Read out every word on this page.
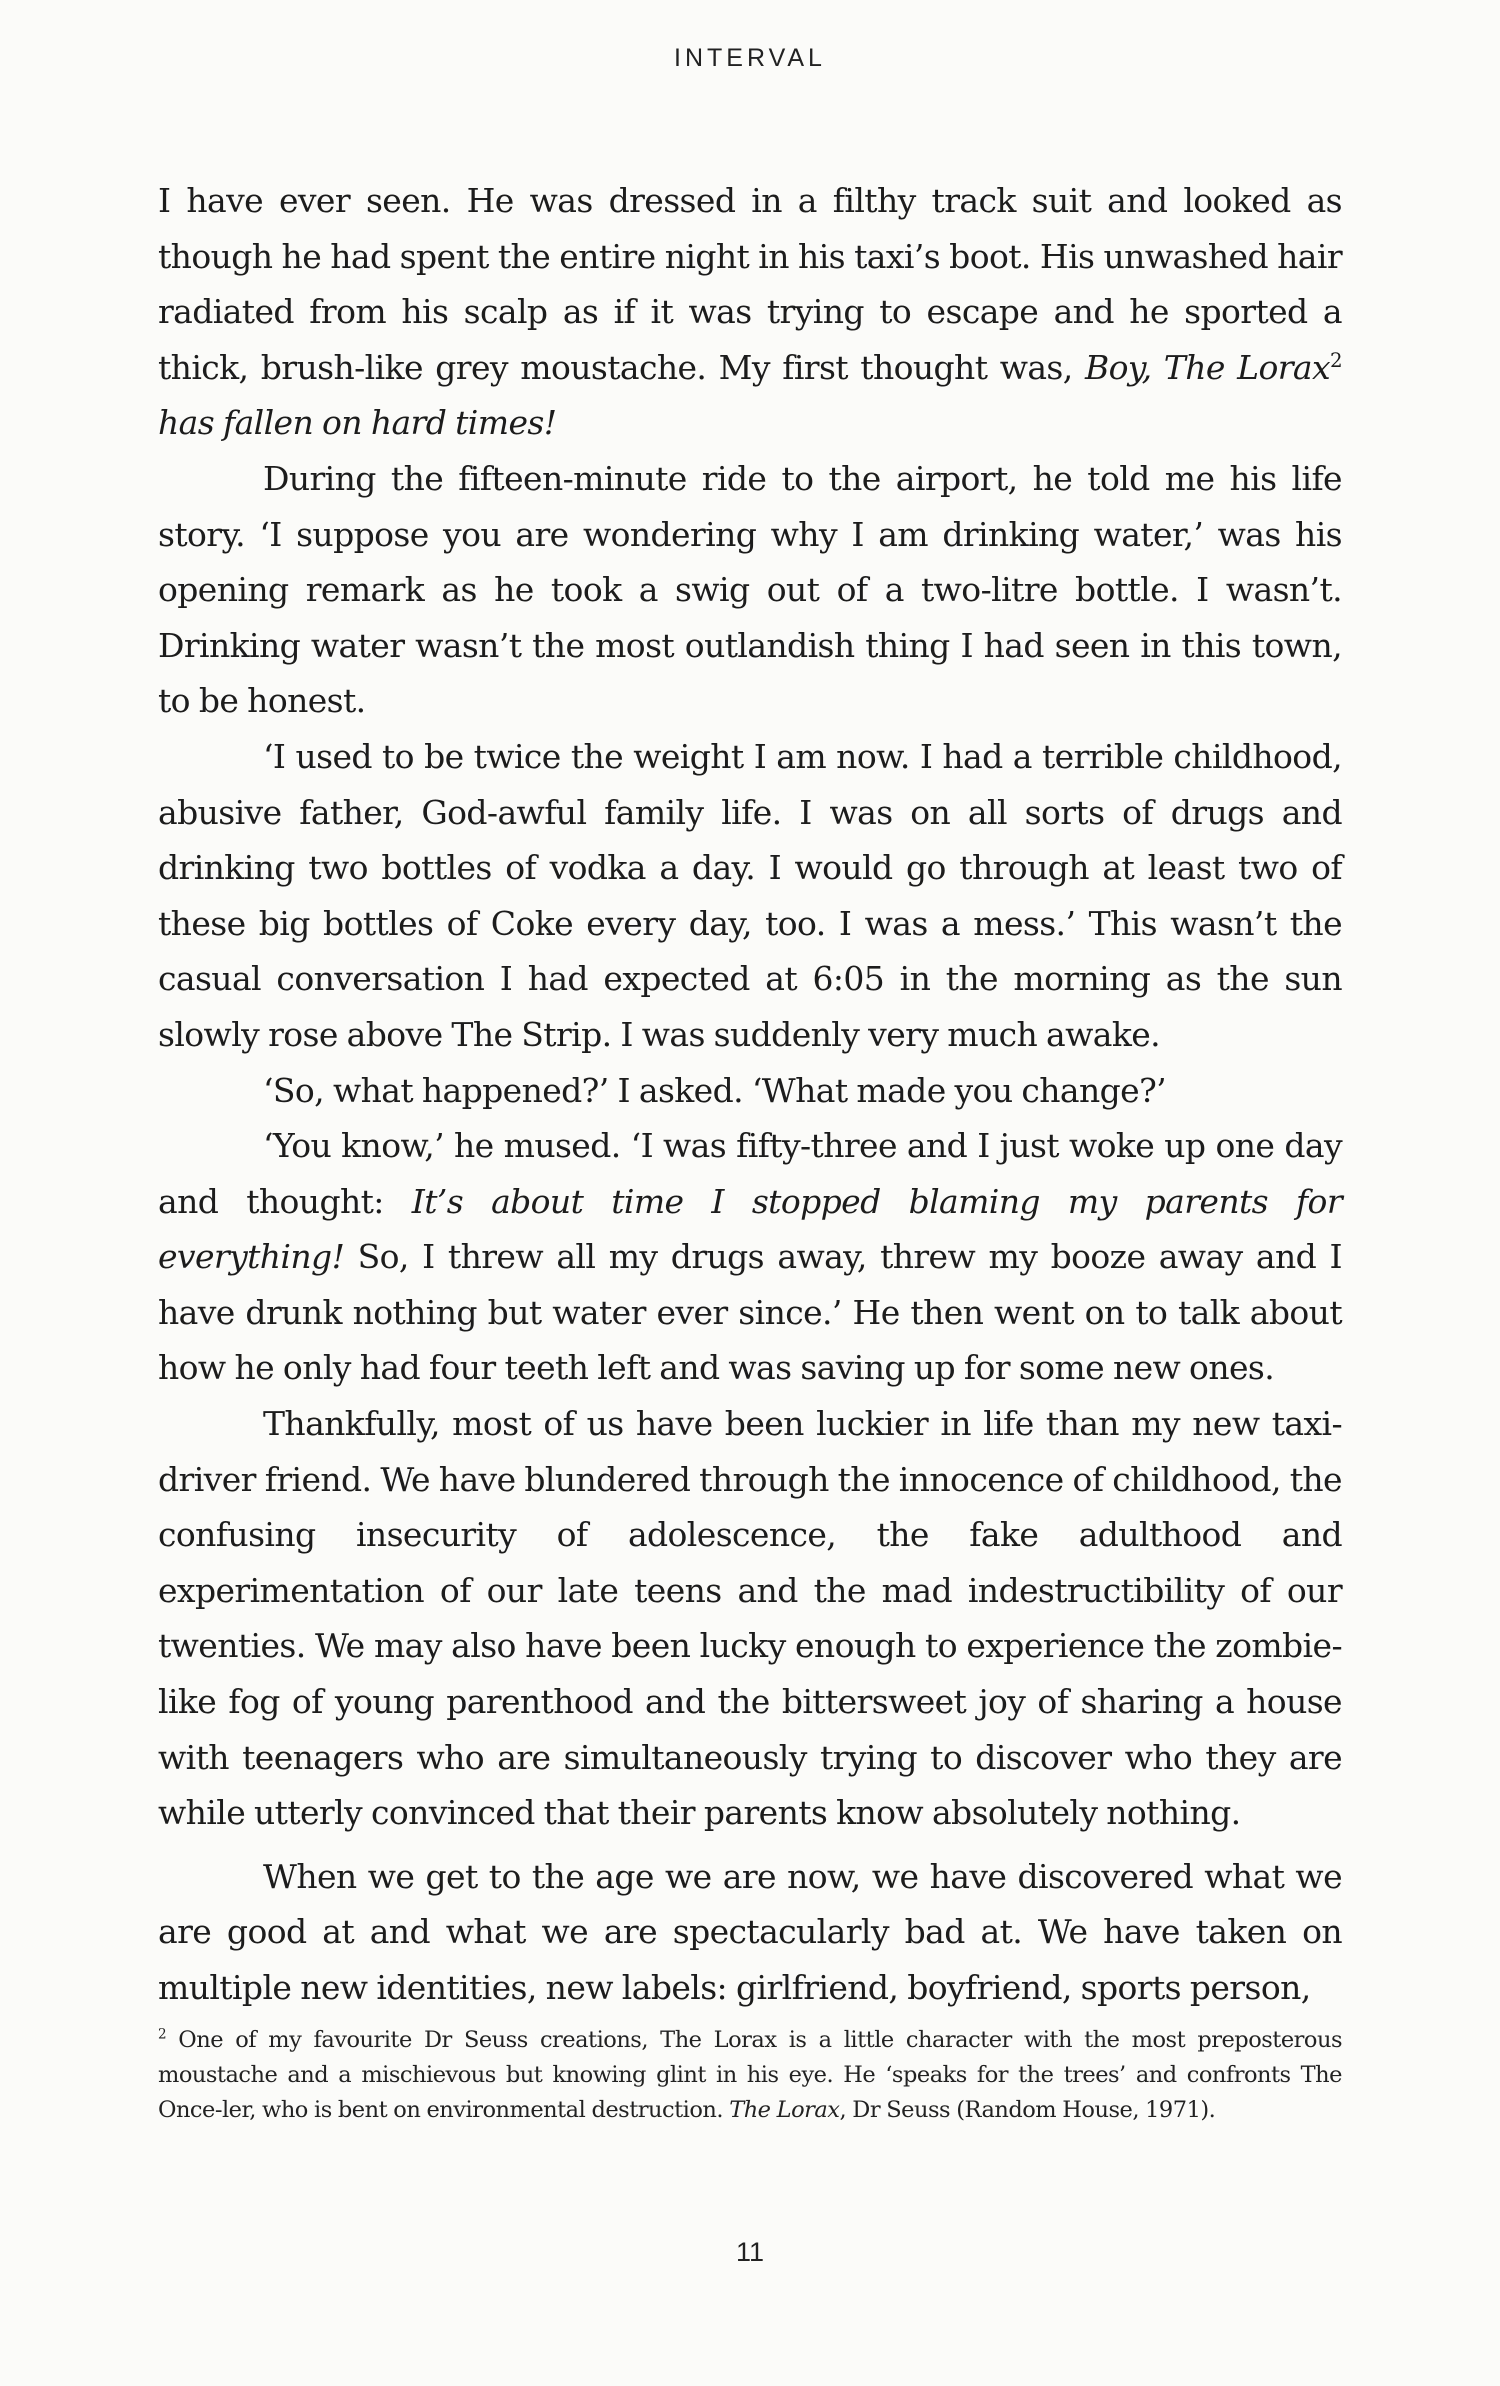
INTERVAL

I have ever seen. He was dressed in a filthy track suit and looked as though he had spent the entire night in his taxi’s boot. His unwashed hair radiated from his scalp as if it was trying to escape and he sported a thick, brush-like grey moustache. My first thought was, Boy, The Lorax$^2$ has fallen on hard times!

During the fifteen-minute ride to the airport, he told me his life story. ‘I suppose you are wondering why I am drinking water,’ was his opening remark as he took a swig out of a two-litre bottle. I wasn’t. Drinking water wasn’t the most outlandish thing I had seen in this town, to be honest.

‘I used to be twice the weight I am now. I had a terrible childhood, abusive father, God-awful family life. I was on all sorts of drugs and drinking two bottles of vodka a day. I would go through at least two of these big bottles of Coke every day, too. I was a mess.’ This wasn’t the casual conversation I had expected at 6:05 in the morning as the sun slowly rose above The Strip. I was suddenly very much awake.

‘So, what happened?’ I asked. ‘What made you change?’

‘You know,’ he mused. ‘I was fifty-three and I just woke up one day and thought: It’s about time I stopped blaming my parents for everything! So, I threw all my drugs away, threw my booze away and I have drunk nothing but water ever since.’ He then went on to talk about how he only had four teeth left and was saving up for some new ones.

Thankfully, most of us have been luckier in life than my new taxi-driver friend. We have blundered through the innocence of childhood, the confusing insecurity of adolescence, the fake adulthood and experimentation of our late teens and the mad indestructibility of our twenties. We may also have been lucky enough to experience the zombie-like fog of young parenthood and the bittersweet joy of sharing a house with teenagers who are simultaneously trying to discover who they are while utterly convinced that their parents know absolutely nothing.

When we get to the age we are now, we have discovered what we are good at and what we are spectacularly bad at. We have taken on multiple new identities, new labels: girlfriend, boyfriend, sports person,

$^2$ One of my favourite Dr Seuss creations, The Lorax is a little character with the most preposterous moustache and a mischievous but knowing glint in his eye. He ‘speaks for the trees’ and confronts The Once-ler, who is bent on environmental destruction. The Lorax, Dr Seuss (Random House, 1971).
11
